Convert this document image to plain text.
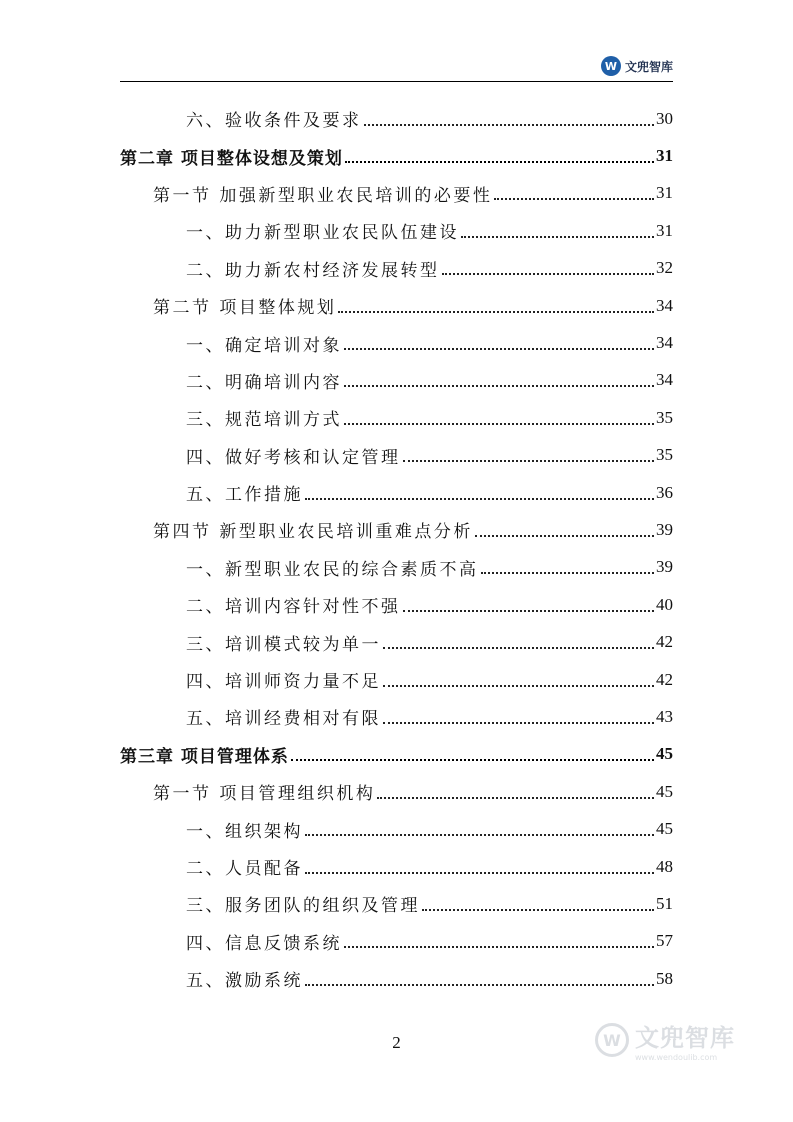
W 文兜智库
六、验收条件及要求	30
第二章 项目整体设想及策划	31
第一节 加强新型职业农民培训的必要性	31
一、助力新型职业农民队伍建设	31
二、助力新农村经济发展转型	32
第二节 项目整体规划	34
一、确定培训对象	34
二、明确培训内容	34
三、规范培训方式	35
四、做好考核和认定管理	35
五、工作措施	36
第四节 新型职业农民培训重难点分析	39
一、新型职业农民的综合素质不高	39
二、培训内容针对性不强	40
三、培训模式较为单一	42
四、培训师资力量不足	42
五、培训经费相对有限	43
第三章 项目管理体系	45
第一节 项目管理组织机构	45
一、组织架构	45
二、人员配备	48
三、服务团队的组织及管理	51
四、信息反馈系统	57
五、激励系统	58
2	W 文兜智库
www.wendoulib.com
